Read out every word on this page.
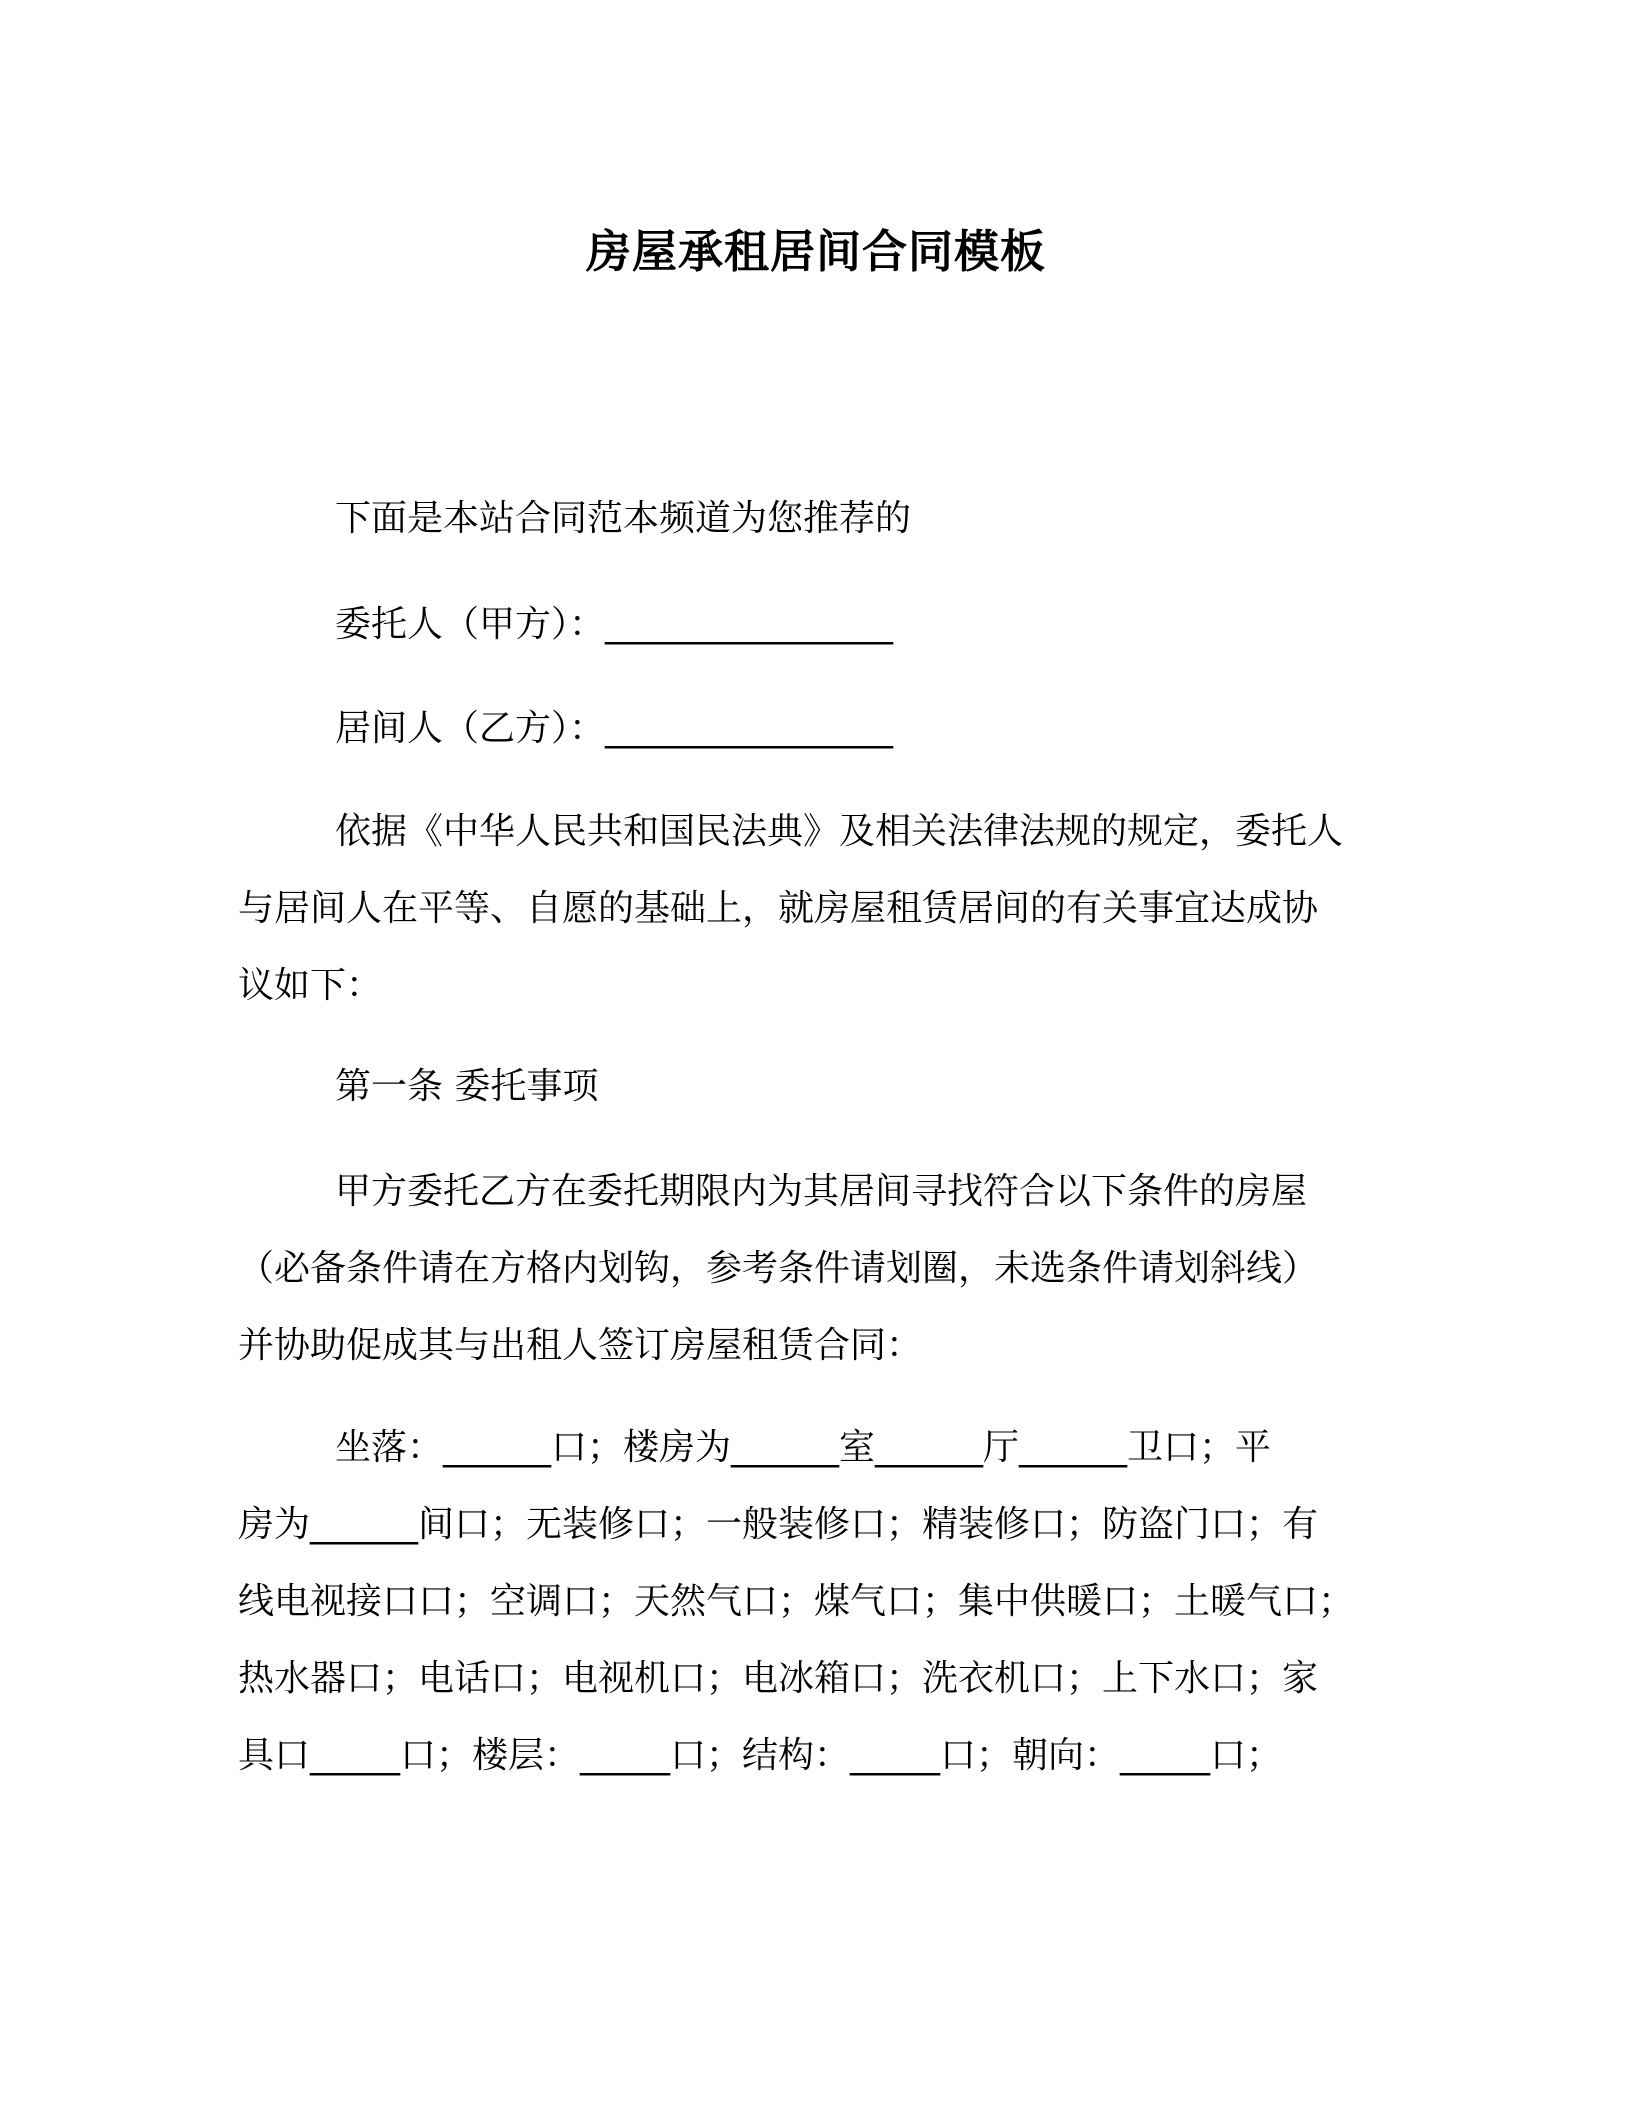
房屋承租居间合同模板
下面是本站合同范本频道为您推荐的
委托人（甲方）：________________
居间人（乙方）：________________
依据《中华人民共和国民法典》及相关法律法规的规定，委托人
与居间人在平等、自愿的基础上，就房屋租赁居间的有关事宜达成协
议如下：
第一条 委托事项
甲方委托乙方在委托期限内为其居间寻找符合以下条件的房屋
（必备条件请在方格内划钩，参考条件请划圈，未选条件请划斜线）
并协助促成其与出租人签订房屋租赁合同：
坐落：______口；楼房为______室______厅______卫口；平
房为______间口；无装修口；一般装修口；精装修口；防盗门口；有
线电视接口口；空调口；天然气口；煤气口；集中供暖口；土暖气口；
热水器口；电话口；电视机口；电冰箱口；洗衣机口；上下水口；家
具口_____口；楼层：_____口；结构：_____口；朝向：_____口；
